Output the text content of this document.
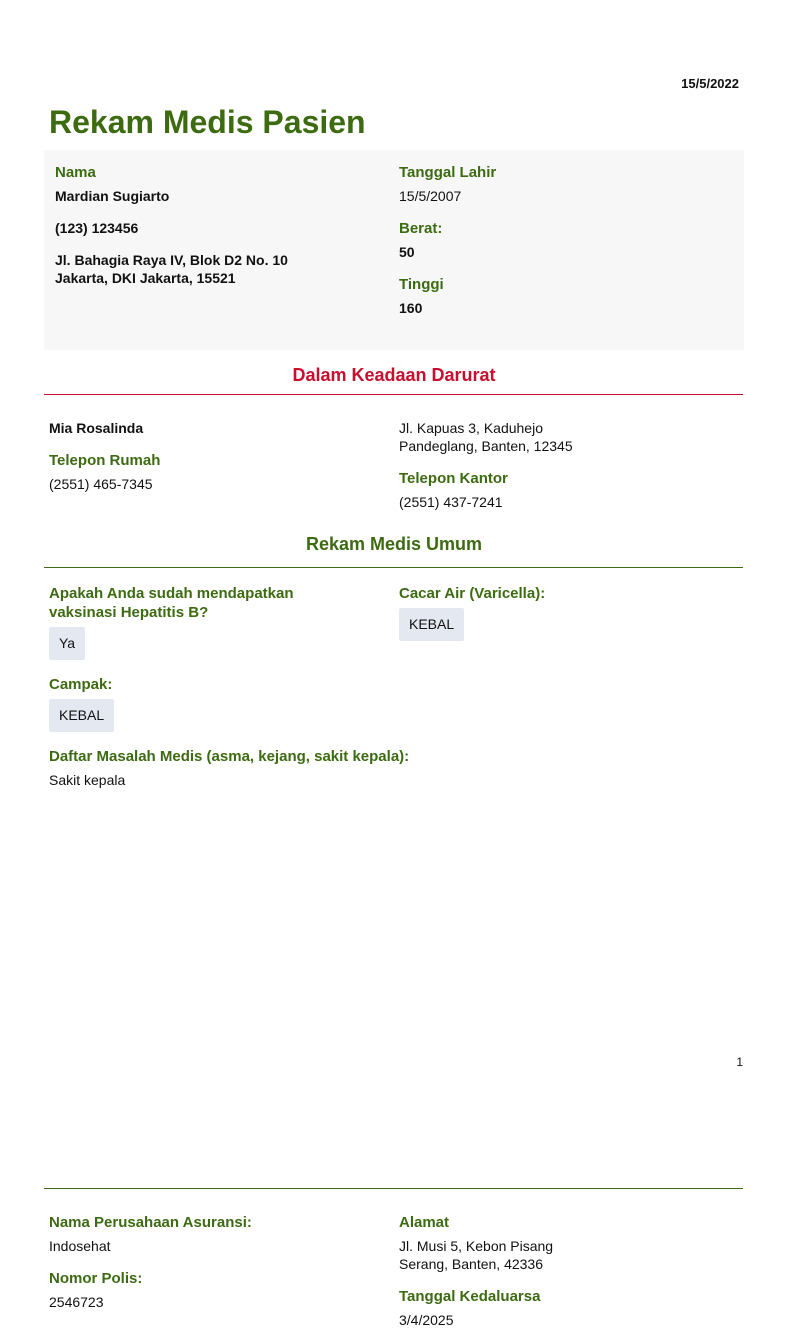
15/5/2022
Rekam Medis Pasien
Nama
Mardian Sugiarto
(123) 123456
Jl. Bahagia Raya IV, Blok D2 No. 10
Jakarta, DKI Jakarta, 15521
Tanggal Lahir
15/5/2007
Berat:
50
Tinggi
160
Dalam Keadaan Darurat
Mia Rosalinda
Telepon Rumah
(2551) 465-7345
Jl. Kapuas 3, Kaduhejo
Pandeglang, Banten, 12345
Telepon Kantor
(2551) 437-7241
Rekam Medis Umum
Apakah Anda sudah mendapatkan
vaksinasi Hepatitis B?
Ya
Cacar Air (Varicella):
KEBAL
Campak:
KEBAL
Daftar Masalah Medis (asma, kejang, sakit kepala):
Sakit kepala
1
Nama Perusahaan Asuransi:
Indosehat
Nomor Polis:
2546723
Alamat
Jl. Musi 5, Kebon Pisang
Serang, Banten, 42336
Tanggal Kedaluarsa
3/4/2025
